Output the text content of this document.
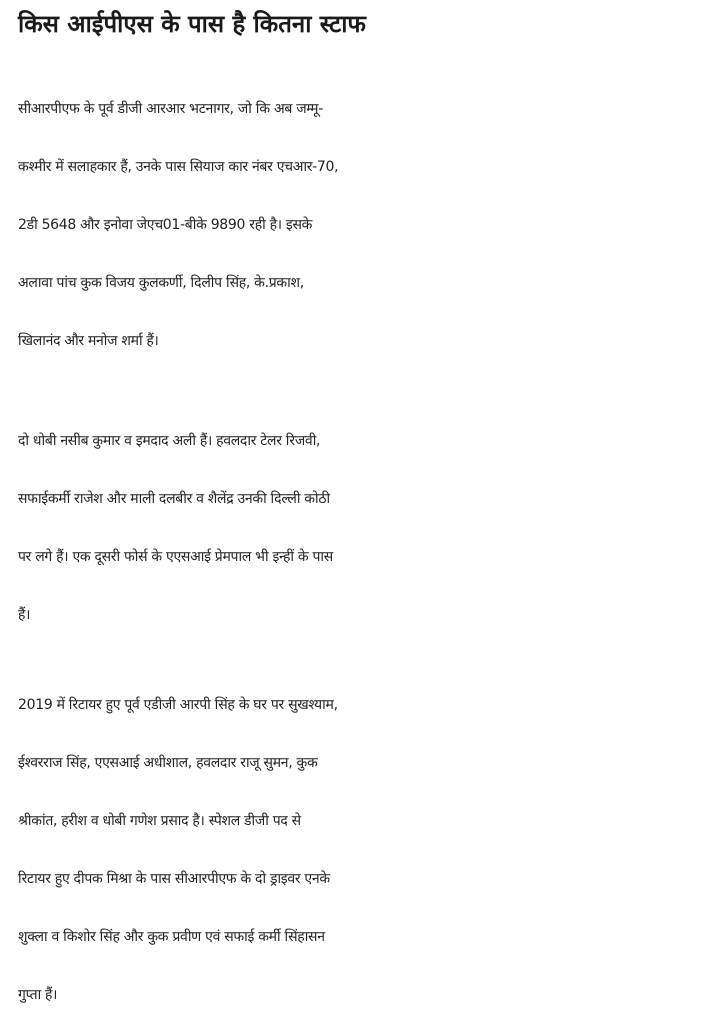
किस आईपीएस के पास है कितना स्टाफ

सीआरपीएफ के पूर्व डीजी आरआर भटनागर, जो कि अब जम्मू-
कश्मीर में सलाहकार हैं, उनके पास सियाज कार नंबर एचआर-70,
2डी 5648 और इनोवा जेएच01-बीके 9890 रही है। इसके
अलावा पांच कुक विजय कुलकर्णी, दिलीप सिंह, के.प्रकाश,
खिलानंद और मनोज शर्मा हैं।

दो धोबी नसीब कुमार व इमदाद अली हैं। हवलदार टेलर रिजवी,
सफाईकर्मी राजेश और माली दलबीर व शैलेंद्र उनकी दिल्ली कोठी
पर लगे हैं। एक दूसरी फोर्स के एएसआई प्रेमपाल भी इन्हीं के पास
हैं।

2019 में रिटायर हुए पूर्व एडीजी आरपी सिंह के घर पर सुखश्याम,
ईश्वरराज सिंह, एएसआई अधीशाल, हवलदार राजू सुमन, कुक
श्रीकांत, हरीश व धोबी गणेश प्रसाद है। स्पेशल डीजी पद से
रिटायर हुए दीपक मिश्रा के पास सीआरपीएफ के दो ड्राइवर एनके
शुक्ला व किशोर सिंह और कुक प्रवीण एवं सफाई कर्मी सिंहासन
गुप्ता हैं।
